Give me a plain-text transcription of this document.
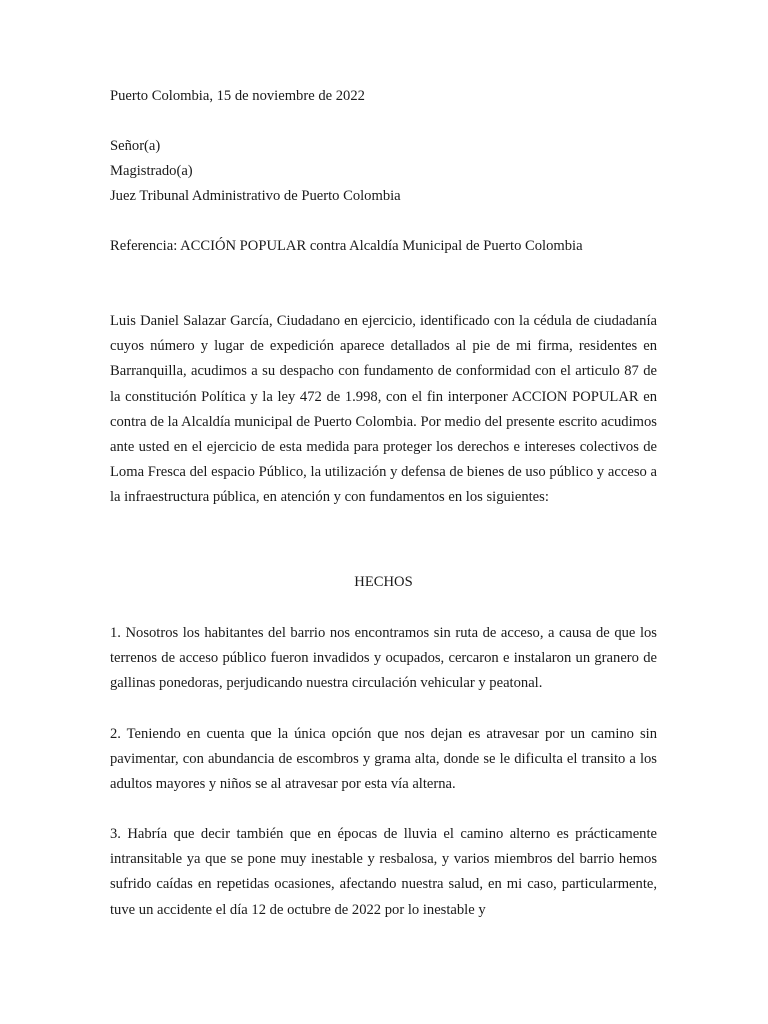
Puerto Colombia, 15 de noviembre de 2022
Señor(a)
Magistrado(a)
Juez Tribunal Administrativo de Puerto Colombia
Referencia: ACCIÓN POPULAR contra Alcaldía Municipal de Puerto Colombia

Luis Daniel Salazar García, Ciudadano en ejercicio, identificado con la cédula de ciudadanía cuyos número y lugar de expedición aparece detallados al pie de mi firma, residentes en Barranquilla, acudimos a su despacho con fundamento de conformidad con el articulo 87 de la constitución Política y la ley 472 de 1.998, con el fin interponer ACCION POPULAR en contra de la Alcaldía municipal de Puerto Colombia. Por medio del presente escrito acudimos ante usted en el ejercicio de esta medida para proteger los derechos e intereses colectivos de Loma Fresca del espacio Público, la utilización y defensa de bienes de uso público y acceso a la infraestructura pública, en atención y con fundamentos en los siguientes:

HECHOS

1. Nosotros los habitantes del barrio nos encontramos sin ruta de acceso, a causa de que los terrenos de acceso público fueron invadidos y ocupados, cercaron e instalaron un granero de gallinas ponedoras, perjudicando nuestra circulación vehicular y peatonal.

2. Teniendo en cuenta que la única opción que nos dejan es atravesar por un camino sin pavimentar, con abundancia de escombros y grama alta, donde se le dificulta el transito a los adultos mayores y niños se al atravesar por esta vía alterna.

3. Habría que decir también que en épocas de lluvia el camino alterno es prácticamente intransitable ya que se pone muy inestable y resbalosa, y varios miembros del barrio hemos sufrido caídas en repetidas ocasiones, afectando nuestra salud, en mi caso, particularmente, tuve un accidente el día 12 de octubre de 2022 por lo inestable y
